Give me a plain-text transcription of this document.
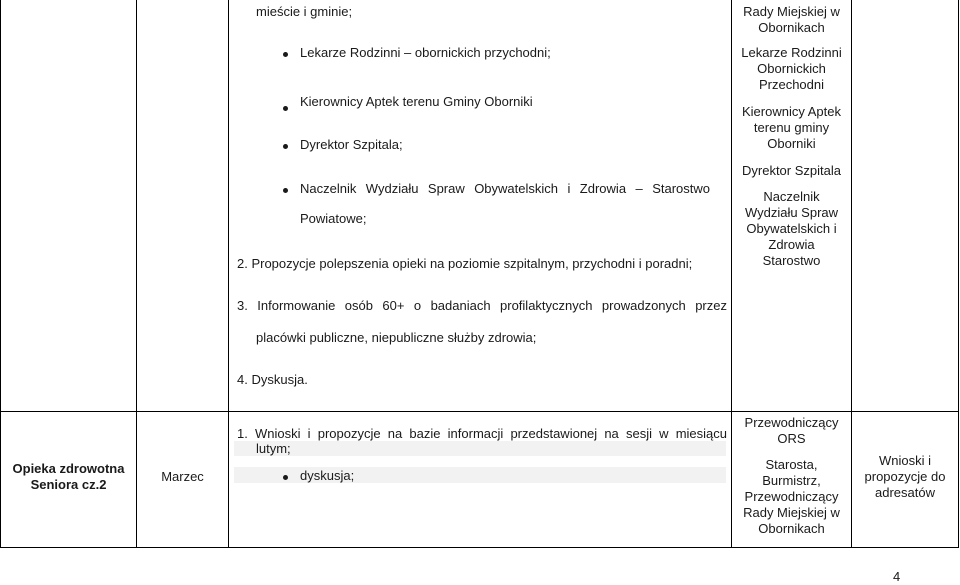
mieście i gminie;
Lekarze Rodzinni – obornickich przychodni;
Kierownicy Aptek terenu Gminy Oborniki
Dyrektor Szpitala;
Naczelnik Wydziału Spraw Obywatelskich i Zdrowia – Starostwo
Powiatowe;
2. Propozycje polepszenia opieki na poziomie szpitalnym, przychodni i poradni;
3. Informowanie osób 60+ o badaniach profilaktycznych prowadzonych przez
placówki publiczne, niepubliczne służby zdrowia;
4. Dyskusja.
Rady Miejskiej w
Obornikach
Lekarze Rodzinni
Obornickich
Przechodni
Kierownicy Aptek
terenu gminy
Oborniki
Dyrektor Szpitala
Naczelnik
Wydziału Spraw
Obywatelskich i
Zdrowia
Starostwo
Opieka zdrowotna
Seniora cz.2
Marzec
1. Wnioski i propozycje na bazie informacji przedstawionej na sesji w miesiącu
lutym;
dyskusja;
Przewodniczący
ORS
Starosta,
Burmistrz,
Przewodniczący
Rady Miejskiej w
Obornikach
Wnioski i
propozycje do
adresatów
4
